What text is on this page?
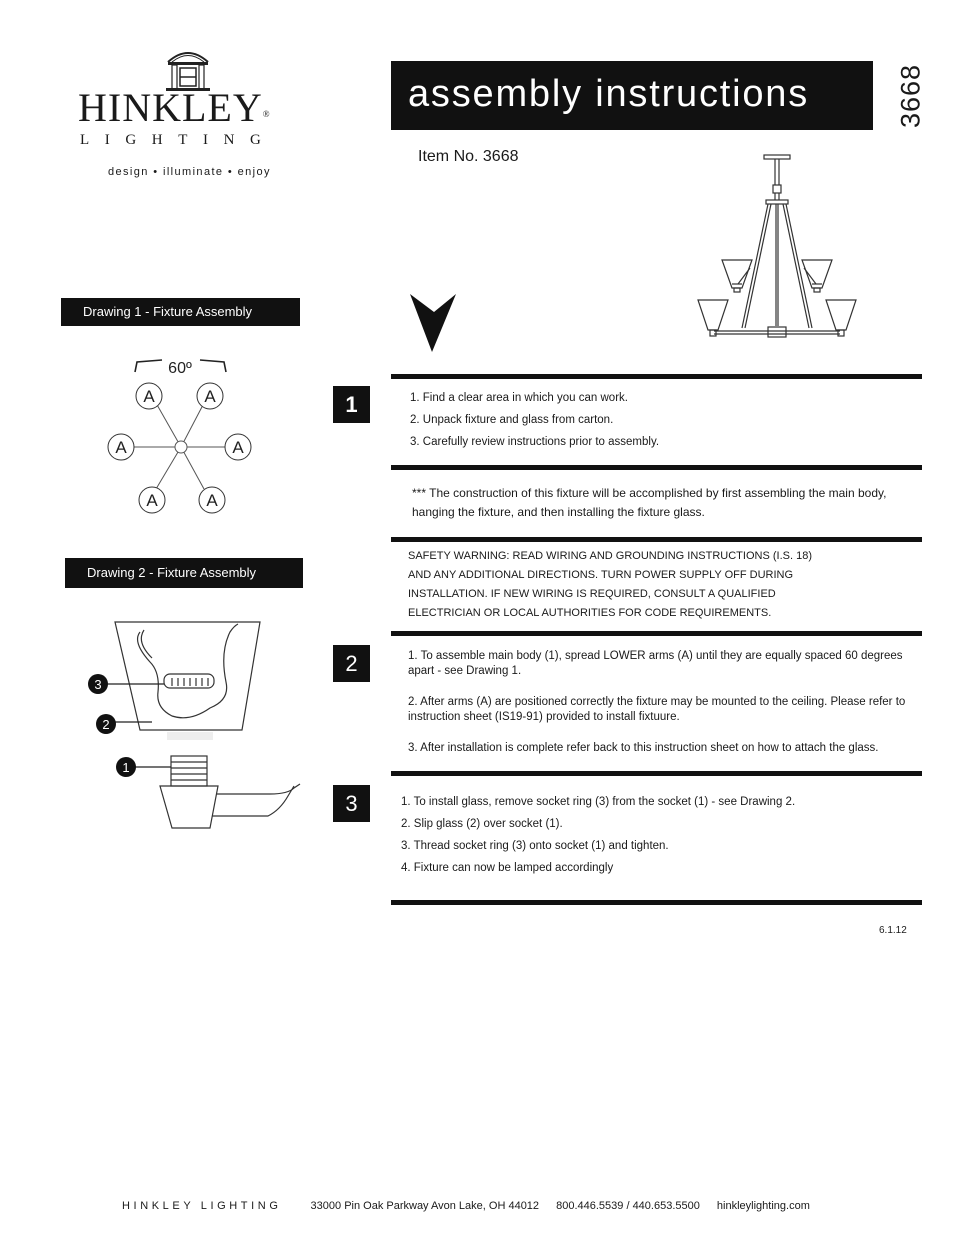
HINKLEY®
LIGHTING
design • illuminate • enjoy
assembly instructions	3668
Item No. 3668
Drawing 1 - Fixture Assembly
A	A
A	A
A	A
60º
Drawing 2 - Fixture Assembly
3
2
1
1	1. Find a clear area in which you can work.
2. Unpack fixture and glass from carton.
3. Carefully review instructions prior to assembly.
*** The construction of this fixture will be accomplished by first assembling the main body, hanging the fixture, and then installing the fixture glass.
SAFETY WARNING: READ WIRING AND GROUNDING INSTRUCTIONS (I.S. 18)
AND ANY ADDITIONAL DIRECTIONS. TURN POWER SUPPLY OFF DURING
INSTALLATION. IF NEW WIRING IS REQUIRED, CONSULT A QUALIFIED
ELECTRICIAN OR LOCAL AUTHORITIES FOR CODE REQUIREMENTS.
2	1. To assemble main body (1), spread LOWER arms (A) until they are equally spaced 60 degrees apart - see Drawing 1.
2. After arms (A) are positioned correctly the fixture may be mounted to the ceiling. Please refer to instruction sheet (IS19-91) provided to install fixtuure.
3. After installation is complete refer back to this instruction sheet on how to attach the glass.
3	1. To install glass, remove socket ring (3) from the socket (1) - see Drawing 2.
2. Slip glass (2) over socket (1).
3. Thread socket ring (3) onto socket (1) and tighten.
4. Fixture can now be lamped accordingly
6.1.12
HINKLEY LIGHTING	33000 Pin Oak Parkway Avon Lake, OH 44012 800.446.5539 / 440.653.5500 hinkleylighting.com
